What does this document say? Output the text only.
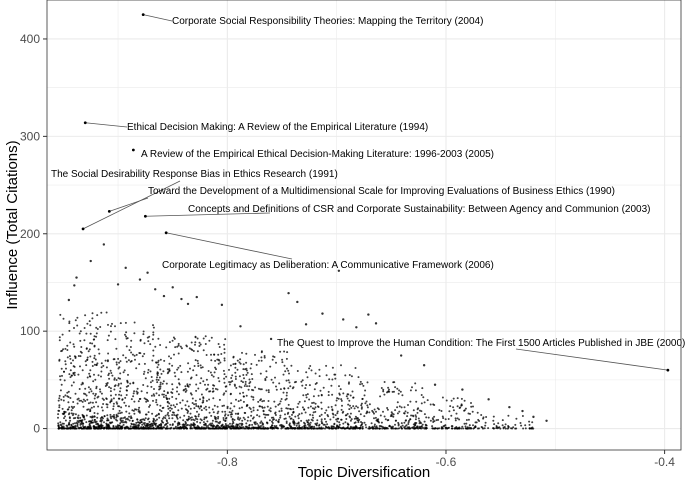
Corporate Social Responsibility Theories: Mapping the Territory (2004)
Ethical Decision Making: A Review of the Empirical Literature (1994)
A Review of the Empirical Ethical Decision-Making Literature: 1996-2003 (2005)
The Social Desirability Response Bias in Ethics Research (1991)
Toward the Development of a Multidimensional Scale for Improving Evaluations of Business Ethics (1990)
Concepts and Definitions of CSR and Corporate Sustainability: Between Agency and Communion (2003)
Corporate Legitimacy as Deliberation: A Communicative Framework (2006)
The Quest to Improve the Human Condition: The First 1500 Articles Published in JBE (2000)
-0.8	-0.6	-0.4
0
100
200
300
400
Topic Diversification
Influence (Total Citations)
